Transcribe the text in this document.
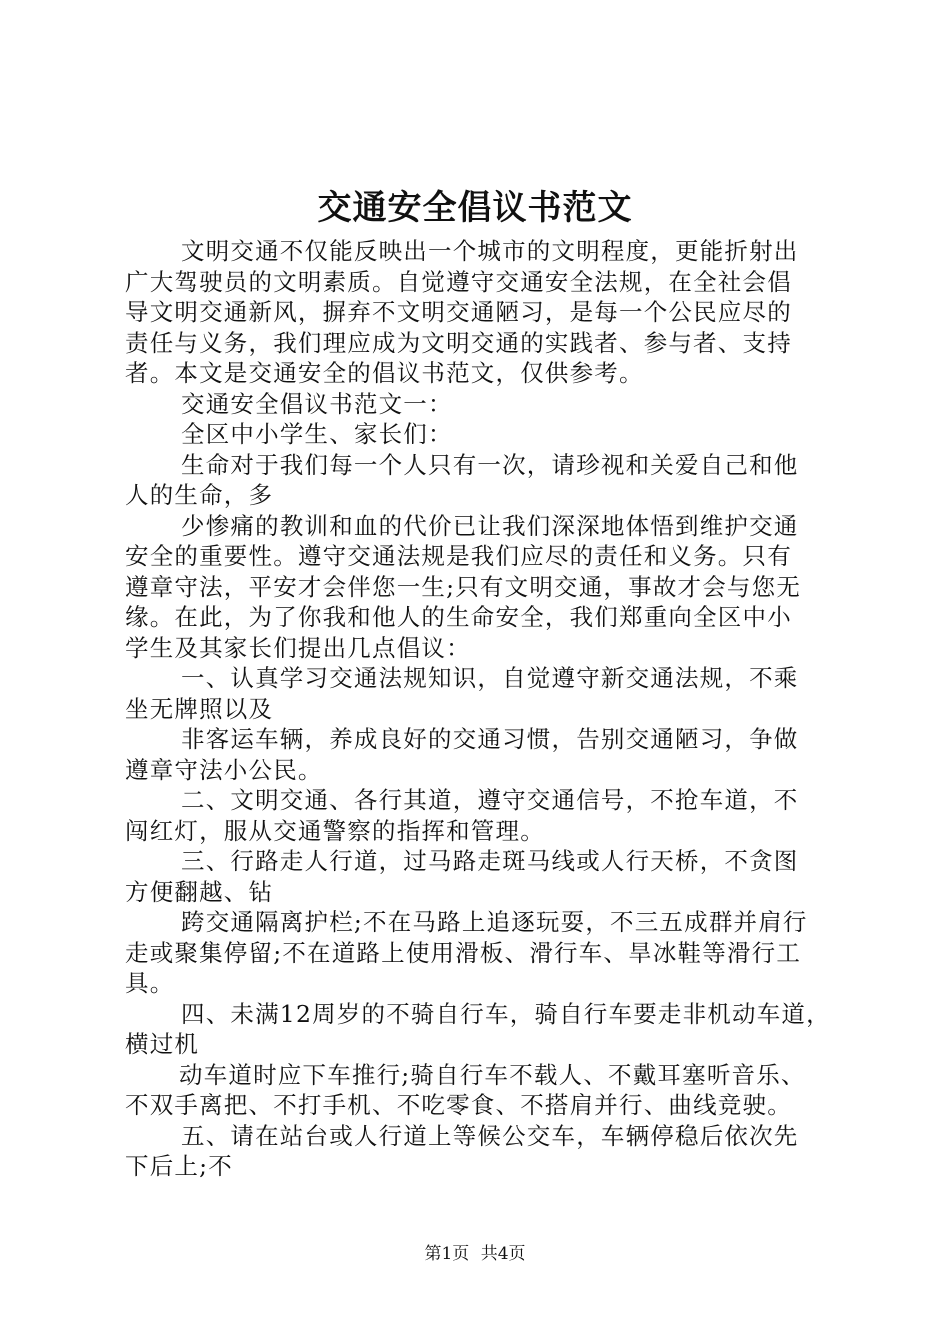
交通安全倡议书范文
文明交通不仅能反映出一个城市的文明程度，更能折射出
广大驾驶员的文明素质。自觉遵守交通安全法规，在全社会倡
导文明交通新风，摒弃不文明交通陋习，是每一个公民应尽的
责任与义务，我们理应成为文明交通的实践者、参与者、支持
者。本文是交通安全的倡议书范文，仅供参考。
交通安全倡议书范文一：
全区中小学生、家长们：
生命对于我们每一个人只有一次，请珍视和关爱自己和他
人的生命，多
少惨痛的教训和血的代价已让我们深深地体悟到维护交通
安全的重要性。遵守交通法规是我们应尽的责任和义务。只有
遵章守法，平安才会伴您一生;只有文明交通，事故才会与您无
缘。在此，为了你我和他人的生命安全，我们郑重向全区中小
学生及其家长们提出几点倡议：
一、认真学习交通法规知识，自觉遵守新交通法规，不乘
坐无牌照以及
非客运车辆，养成良好的交通习惯，告别交通陋习，争做
遵章守法小公民。
二、文明交通、各行其道，遵守交通信号，不抢车道，不
闯红灯，服从交通警察的指挥和管理。
三、行路走人行道，过马路走斑马线或人行天桥，不贪图
方便翻越、钻
跨交通隔离护栏;不在马路上追逐玩耍，不三五成群并肩行
走或聚集停留;不在道路上使用滑板、滑行车、旱冰鞋等滑行工
具。
四、未满12周岁的不骑自行车，骑自行车要走非机动车道，
横过机
动车道时应下车推行;骑自行车不载人、不戴耳塞听音乐、
不双手离把、不打手机、不吃零食、不搭肩并行、曲线竞驶。
五、请在站台或人行道上等候公交车，车辆停稳后依次先
下后上;不
第1页 共4页
